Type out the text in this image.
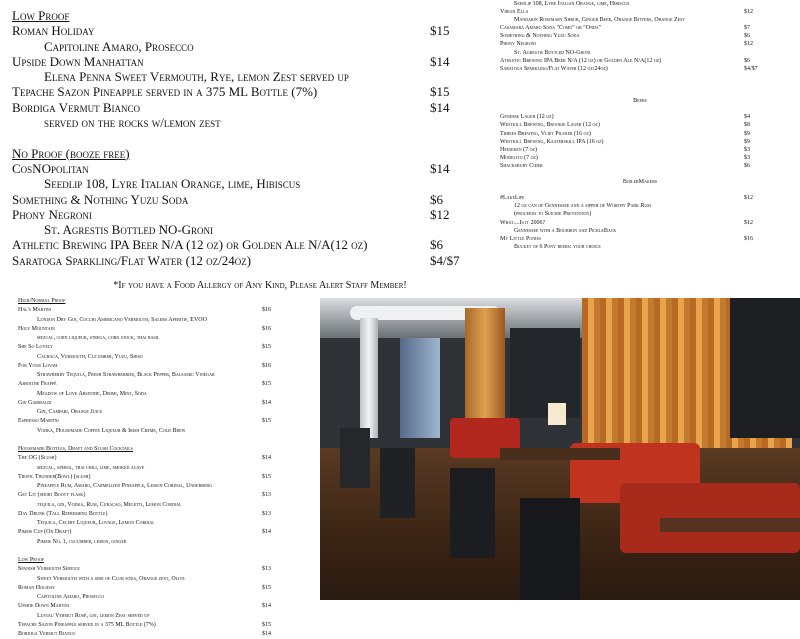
Low Proof
Roman Holiday	$15
Capitoline Amaro, Prosecco
Upside Down Manhattan	$14
Elena Penna Sweet Vermouth, Rye, lemon Zest served up
Tepache Sazon Pineapple served in a 375 ML Bottle (7%)	$15
Bordiga Vermut Bianco	$14
served on the rocks w/lemon zest

No Proof (booze free)
CosNOpolitan	$14
Seedlip 108, Lyre Italian Orange, lime, Hibiscus
Something & Nothing Yuzu Soda	$6
Phony Negroni	$12
St. Agrestis Bottled NO-Groni
Athletic Brewing IPA Beer N/A (12 oz) or Golden Ale N/A(12 oz)	$6
Saratoga Sparkling/Flat Water (12 oz/24oz)	$4/$7
*If you have a Food Allergy of Any Kind, Please Alert Staff Member!
Seedlip 108, Lyre Italian Orange, lime, Hibiscus
Virgin Ella	$12
Mandarin Rosemary Shrub, Ginger Beer, Orange Bitters, Orange Zest
Casamara Amaro Soda "Como" or "Onda"	$7
Something & Nothing Yuzu Soda	$6
Phony Negroni	$12
St. Agrestis Bottled NO-Groni
Athletic Brewing IPA Beer N/A (12 oz) or Golden Ale N/A(12 oz)	$6
Saratoga Sparkling/Flat Water (12 oz/24oz)	$4/$7

Beers

Genesee Lager (12 oz)	$4
Westkill Brewing, Brookie Lager (12 oz)	$8
Threes Brewing, Vliet Pilsner (16 oz)	$9
Westkill Brewing, Kaaterskill IPA (16 oz)	$9
Heineken (7 oz)	$3
Modelito (7 oz)	$3
Shacksbury Cider	$6

BoilerMakers

#LakeLife	$12
12 oz can of Gennessee and a sipper of Worthy Park Rum
(proceeds to Suicide Prevention)
What....Is it 2006?	$12
Gennessee with a Bourbon and PickleBack
My Little Ponies	$16
Bucket of 6 Pony beers: your choice
High/Normal Proof
Hal's Martini	$16
London Dry Gin, Cocchi Americano Vermouth, Salers Aperitif, EVOO
Holy Mountain	$16
mezcal, corn liqueur, strega, corn stock, thai basil
She So Lovely	$15
Cachaca, Vermouth, Cucumber, Yuzu, Shiso
For Your Lovah	$16
Strawberry Tequila, Fresh Strawberries, Black Pepper, Balsamic Vinegar
Absinthe Frappé	$15
Meadow of Love Absinthe, Dimmi, Mint, Soda
Gin Garibaldi	$14
Gin, Campari, Orange Juice
Espresso Martini	$15
Vodka, Housemade Coffee Liqueur & Irish Creme, Cold Brew

Housemade Bottles, Draft and Slush Cocktails
The OG (Slush)	$14
mezcal, aperol, thai chili, lime, smoked agave
Tropic Thunder(Bowl) (slush)	$15
Pineapple Rum, Amaro, Carmelized Pineapple, Lemon Cordial, Underberg
Get Lit (short Booty flask)	$13
tequila, gin, Vodka, Rum, Curaçao, Meletti, Lemon Cordial
Day Drunk (Tall Refreshing Bottle)	$13
Tequila, Celery Liqueur, Lovage, Lemon Cordial
Pimms Cup (On Draft)	$14
Pimms No. 1, cucumber, lemon, ginger

Low Proof
Spanish Vermouth Service	$13
Sweet Vermouth with a side of Club soda, Orange zest, Olive
Roman Holiday	$15
Capitoline Amaro, Prosecco
Upside Down Martini	$14
Lustau Vermut Rosé, gin, lemon Zest served up
Tepache Sazon Pineapple served in a 375 ML Bottle (7%)	$15
Bordiga Vermut Bianco	$14
